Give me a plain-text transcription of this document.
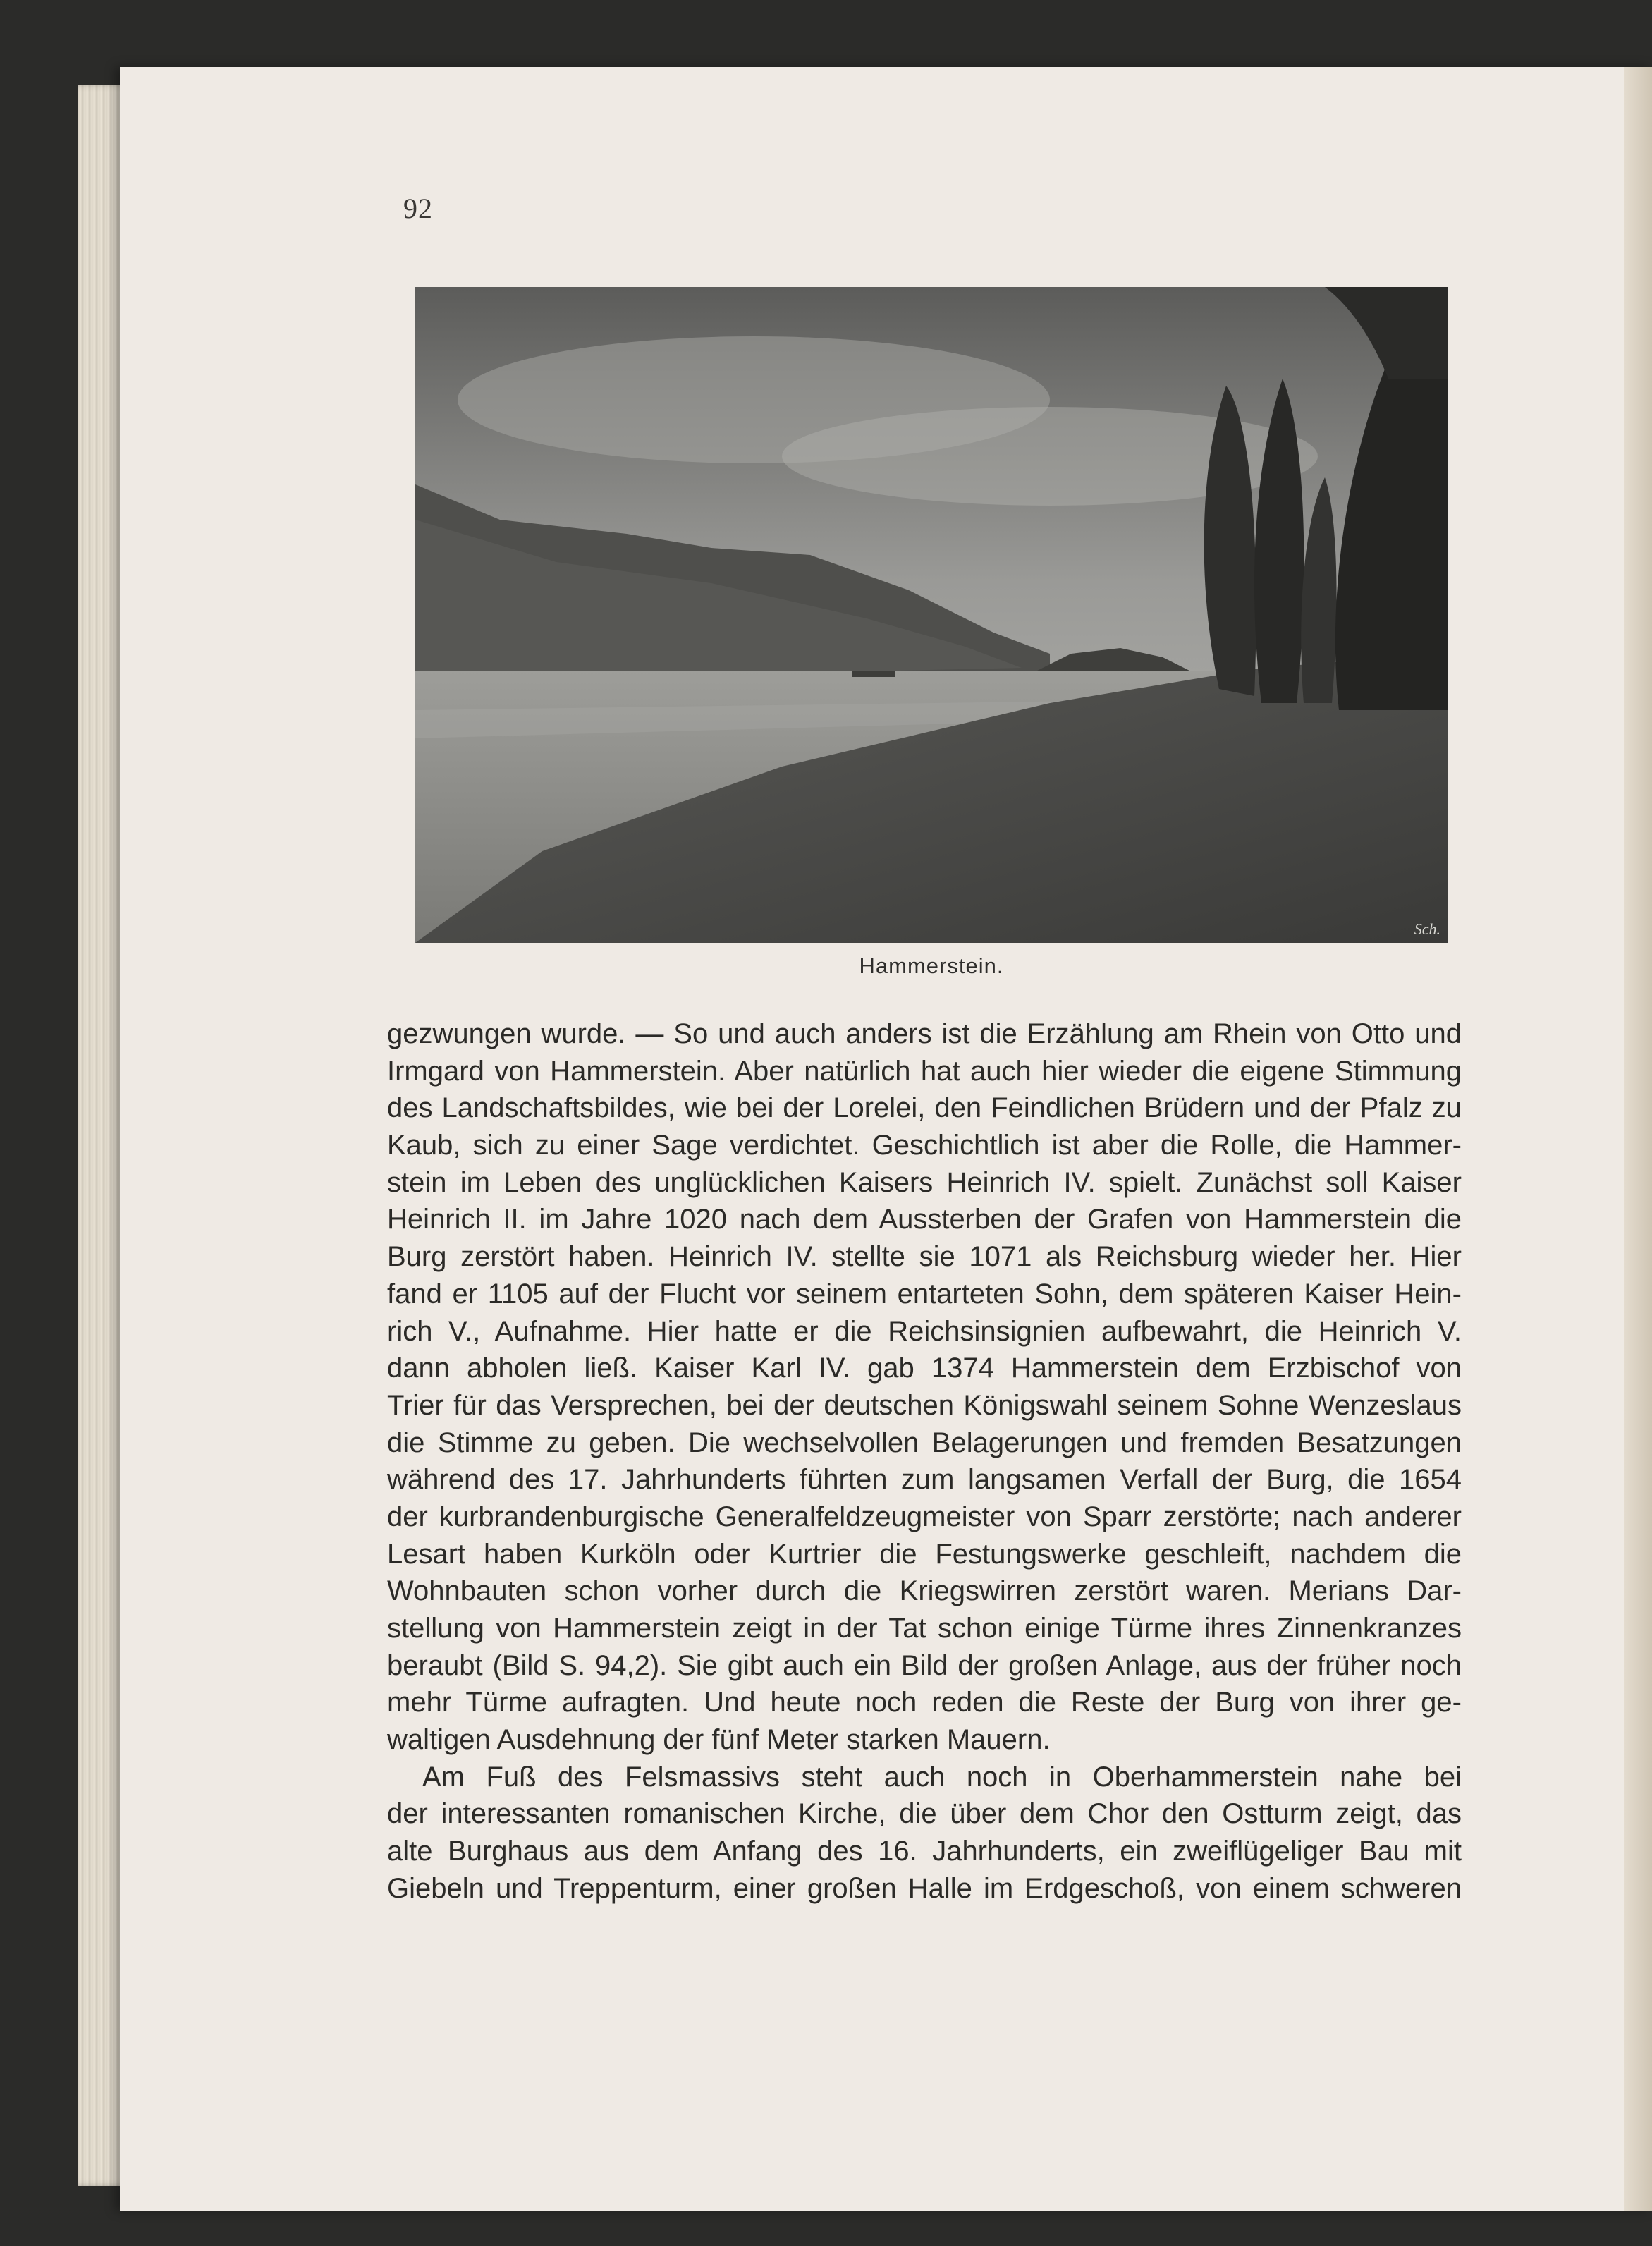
92
Sch.
Hammerstein.
gezwungen wurde. — So und auch anders ist die Erzählung am Rhein von Otto und
Irmgard von Hammerstein. Aber natürlich hat auch hier wieder die eigene Stimmung
des Landschaftsbildes, wie bei der Lorelei, den Feindlichen Brüdern und der Pfalz zu
Kaub, sich zu einer Sage verdichtet. Geschichtlich ist aber die Rolle, die Hammer-
stein im Leben des unglücklichen Kaisers Heinrich IV. spielt. Zunächst soll Kaiser
Heinrich II. im Jahre 1020 nach dem Aussterben der Grafen von Hammerstein die
Burg zerstört haben. Heinrich IV. stellte sie 1071 als Reichsburg wieder her. Hier
fand er 1105 auf der Flucht vor seinem entarteten Sohn, dem späteren Kaiser Hein-
rich V., Aufnahme. Hier hatte er die Reichsinsignien aufbewahrt, die Heinrich V.
dann abholen ließ. Kaiser Karl IV. gab 1374 Hammerstein dem Erzbischof von
Trier für das Versprechen, bei der deutschen Königswahl seinem Sohne Wenzeslaus
die Stimme zu geben. Die wechselvollen Belagerungen und fremden Besatzungen
während des 17. Jahrhunderts führten zum langsamen Verfall der Burg, die 1654
der kurbrandenburgische Generalfeldzeugmeister von Sparr zerstörte; nach anderer
Lesart haben Kurköln oder Kurtrier die Festungswerke geschleift, nachdem die
Wohnbauten schon vorher durch die Kriegswirren zerstört waren. Merians Dar-
stellung von Hammerstein zeigt in der Tat schon einige Türme ihres Zinnenkranzes
beraubt (Bild S. 94,2). Sie gibt auch ein Bild der großen Anlage, aus der früher noch
mehr Türme aufragten. Und heute noch reden die Reste der Burg von ihrer ge-
waltigen Ausdehnung der fünf Meter starken Mauern.
Am Fuß des Felsmassivs steht auch noch in Oberhammerstein nahe bei
der interessanten romanischen Kirche, die über dem Chor den Ostturm zeigt, das
alte Burghaus aus dem Anfang des 16. Jahrhunderts, ein zweiflügeliger Bau mit
Giebeln und Treppenturm, einer großen Halle im Erdgeschoß, von einem schweren
